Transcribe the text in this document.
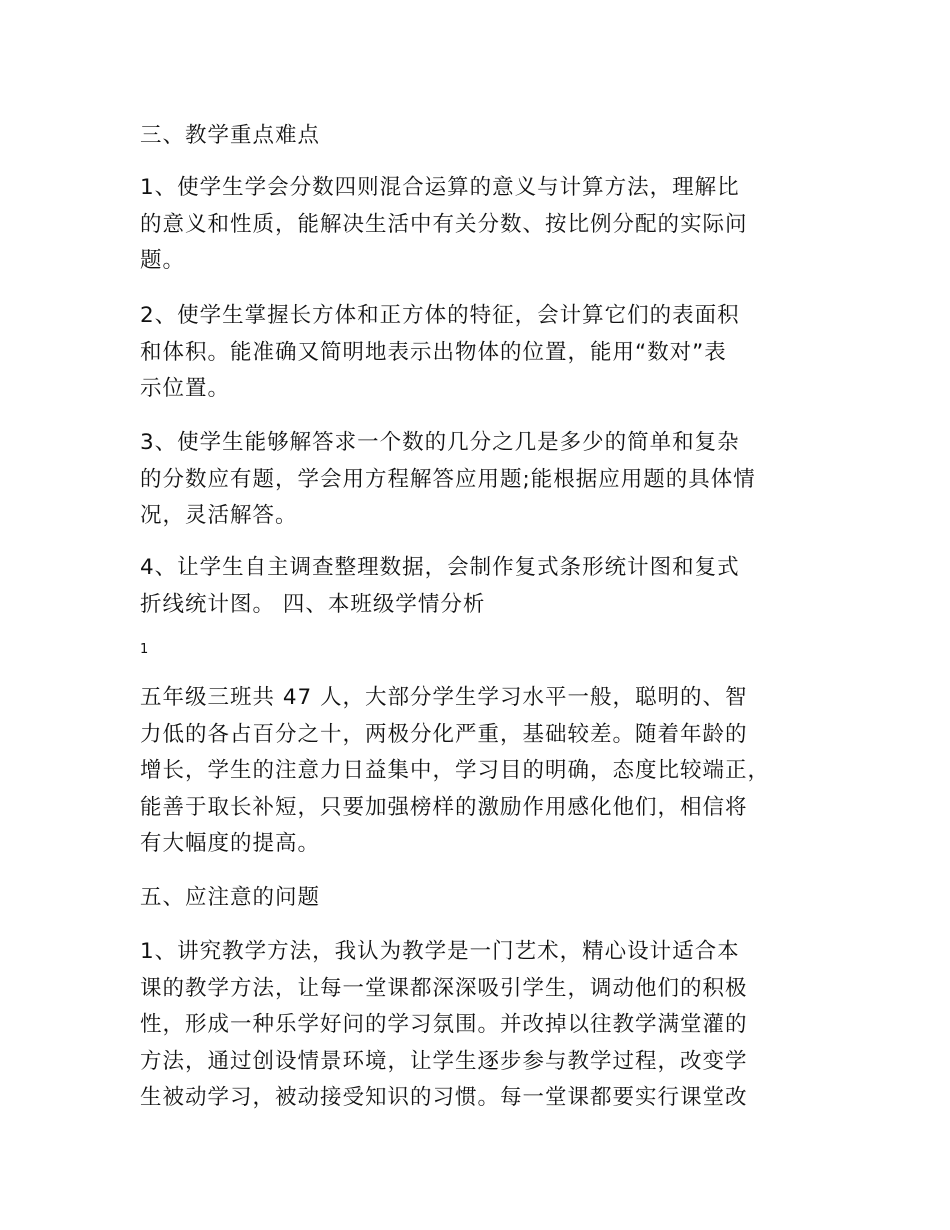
三、教学重点难点

1、使学生学会分数四则混合运算的意义与计算方法，理解比
的意义和性质，能解决生活中有关分数、按比例分配的实际问
题。

2、使学生掌握长方体和正方体的特征，会计算它们的表面积
和体积。能准确又简明地表示出物体的位置，能用“数对”表
示位置。

3、使学生能够解答求一个数的几分之几是多少的简单和复杂
的分数应有题，学会用方程解答应用题;能根据应用题的具体情
况，灵活解答。

4、让学生自主调查整理数据，会制作复式条形统计图和复式
折线统计图。 四、本班级学情分析

1

五年级三班共 47 人，大部分学生学习水平一般，聪明的、智
力低的各占百分之十，两极分化严重，基础较差。随着年龄的
增长，学生的注意力日益集中，学习目的明确，态度比较端正，
能善于取长补短，只要加强榜样的激励作用感化他们，相信将
有大幅度的提高。

五、应注意的问题

1、讲究教学方法，我认为教学是一门艺术，精心设计适合本
课的教学方法，让每一堂课都深深吸引学生，调动他们的积极
性，形成一种乐学好问的学习氛围。并改掉以往教学满堂灌的
方法，通过创设情景环境，让学生逐步参与教学过程，改变学
生被动学习，被动接受知识的习惯。每一堂课都要实行课堂改
